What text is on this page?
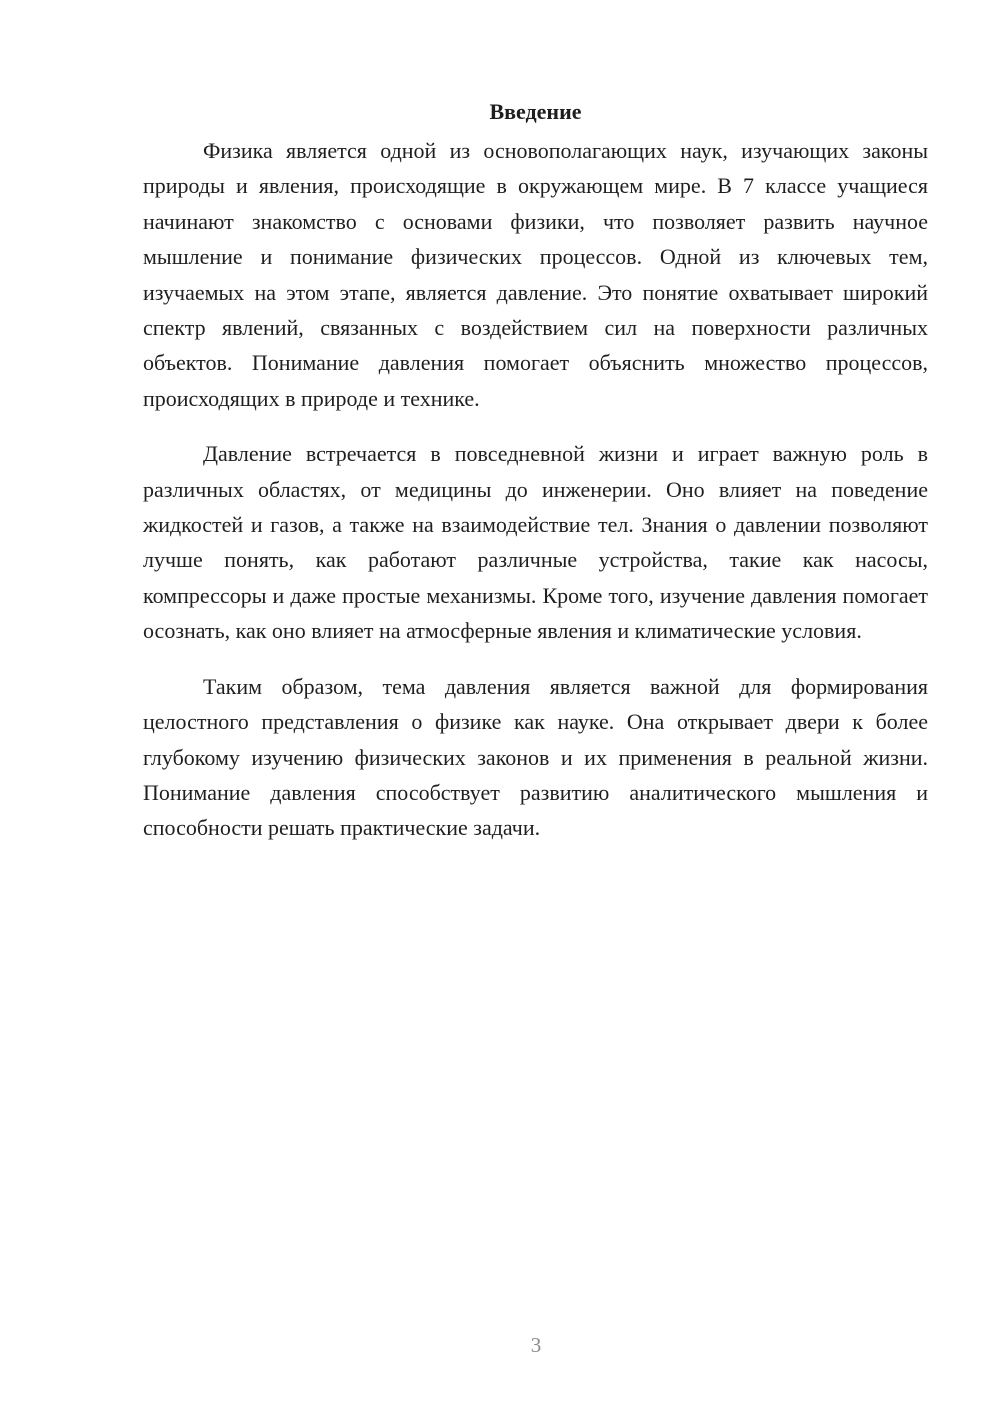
Введение

Физика является одной из основополагающих наук, изучающих законы природы и явления, происходящие в окружающем мире. В 7 классе учащиеся начинают знакомство с основами физики, что позволяет развить научное мышление и понимание физических процессов. Одной из ключевых тем, изучаемых на этом этапе, является давление. Это понятие охватывает широкий спектр явлений, связанных с воздействием сил на поверхности различных объектов. Понимание давления помогает объяснить множество процессов, происходящих в природе и технике.

Давление встречается в повседневной жизни и играет важную роль в различных областях, от медицины до инженерии. Оно влияет на поведение жидкостей и газов, а также на взаимодействие тел. Знания о давлении позволяют лучше понять, как работают различные устройства, такие как насосы, компрессоры и даже простые механизмы. Кроме того, изучение давления помогает осознать, как оно влияет на атмосферные явления и климатические условия.

Таким образом, тема давления является важной для формирования целостного представления о физике как науке. Она открывает двери к более глубокому изучению физических законов и их применения в реальной жизни. Понимание давления способствует развитию аналитического мышления и способности решать практические задачи.

3
